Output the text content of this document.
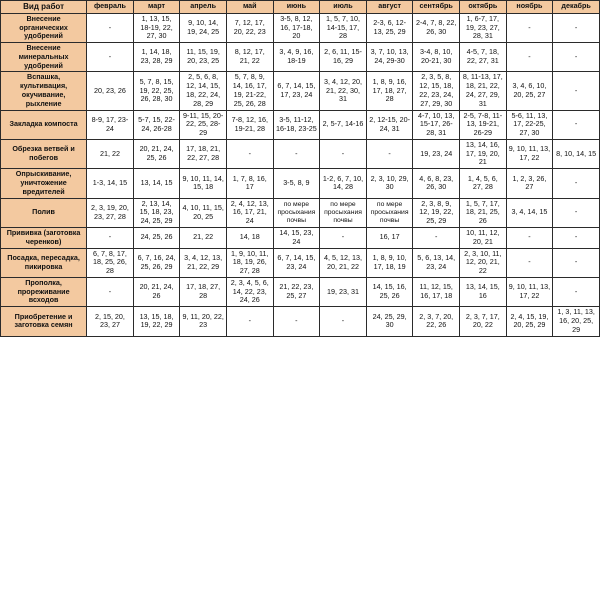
Вид работ	февраль	март	апрель	май	июнь	июль	август	сентябрь	октябрь	ноябрь	декабрь
Внесение органических удобрений	-	1, 13, 15, 18-19, 22, 27, 30	9, 10, 14, 19, 24, 25	7, 12, 17, 20, 22, 23	3-5, 8, 12, 16, 17-18, 20	1, 5, 7, 10, 14-15, 17, 28	2-3, 6, 12-13, 25, 29	2-4, 7, 8, 22, 26, 30	1, 6-7, 17, 19, 23, 27, 28, 31	-	-
Внесение минеральных удобрений	-	1, 14, 18, 23, 28, 29	11, 15, 19, 20, 23, 25	8, 12, 17, 21, 22	3, 4, 9, 16, 18-19	2, 6, 11, 15-16, 29	3, 7, 10, 13, 24, 29-30	3-4, 8, 10, 20-21, 30	4-5, 7, 18, 22, 27, 31	-	-
Вспашка, культивация, окучивание, рыхление	20, 23, 26	5, 7, 8, 15, 19, 22, 25, 26, 28, 30	2, 5, 6, 8, 12, 14, 15, 18, 22, 24, 28, 29	5, 7, 8, 9, 14, 16, 17, 19, 21-22, 25, 26, 28	6, 7, 14, 15, 17, 23, 24	3, 4, 12, 20, 21, 22, 30, 31	1, 8, 9, 16, 17, 18, 27, 28	2, 3, 5, 8, 12, 15, 18, 22, 23, 24, 27, 29, 30	8, 11-13, 17, 18, 21, 22, 24, 27, 29, 31	3, 4, 6, 10, 20, 25, 27	-
Закладка компоста	8-9, 17, 23-24	5-7, 15, 22-24, 26-28	9-11, 15, 20-22, 25, 28-29	7-8, 12, 16, 19-21, 28	3-5, 11-12, 16-18, 23-25	2, 5-7, 14-16	2, 12-15, 20-24, 31	4-7, 10, 13, 15-17, 26-28, 31	2-5, 7-8, 11-13, 19-21, 26-29	5-6, 11, 13, 17, 22-25, 27, 30	-
Обрезка ветвей и побегов	21, 22	20, 21, 24, 25, 26	17, 18, 21, 22, 27, 28	-	-	-	-	19, 23, 24	13, 14, 16, 17, 19, 20, 21	9, 10, 11, 13, 17, 22	8, 10, 14, 15
Опрыскивание, уничтожение вредителей	1-3, 14, 15	13, 14, 15	9, 10, 11, 14, 15, 18	1, 7, 8, 16, 17	3-5, 8, 9	1-2, 6, 7, 10, 14, 28	2, 3, 10, 29, 30	4, 6, 8, 23, 26, 30	1, 4, 5, 6, 27, 28	1, 2, 3, 26, 27	-
Полив	2, 3, 19, 20, 23, 27, 28	2, 13, 14, 15, 18, 23, 24, 25, 29	4, 10, 11, 15, 20, 25	2, 4, 12, 13, 16, 17, 21, 24	по мере просыхания почвы	по мере просыхания почвы	по мере просыхания почвы	2, 3, 8, 9, 12, 19, 22, 25, 29	1, 5, 7, 17, 18, 21, 25, 26	3, 4, 14, 15	-
Прививка (заготовка черенков)	-	24, 25, 26	21, 22	14, 18	14, 15, 23, 24	-	16, 17	-	10, 11, 12, 20, 21	-	-
Посадка, пересадка, пикировка	6, 7, 8, 17, 18, 25, 26, 28	6, 7, 16, 24, 25, 26, 29	3, 4, 12, 13, 21, 22, 29	1, 9, 10, 11, 18, 19, 26, 27, 28	6, 7, 14, 15, 23, 24	4, 5, 12, 13, 20, 21, 22	1, 8, 9, 10, 17, 18, 19	5, 6, 13, 14, 23, 24	2, 3, 10, 11, 12, 20, 21, 22	-	-
Прополка, прореживание всходов	-	20, 21, 24, 26	17, 18, 27, 28	2, 3, 4, 5, 6, 14, 22, 23, 24, 26	21, 22, 23, 25, 27	19, 23, 31	14, 15, 16, 25, 26	11, 12, 15, 16, 17, 18	13, 14, 15, 16	9, 10, 11, 13, 17, 22	-
Приобретение и заготовка семян	2, 15, 20, 23, 27	13, 15, 18, 19, 22, 29	9, 11, 20, 22, 23	-	-	-	24, 25, 29, 30	2, 3, 7, 20, 22, 26	2, 3, 7, 17, 20, 22	2, 4, 15, 19, 20, 25, 29	1, 3, 11, 13, 16, 20, 25, 29
